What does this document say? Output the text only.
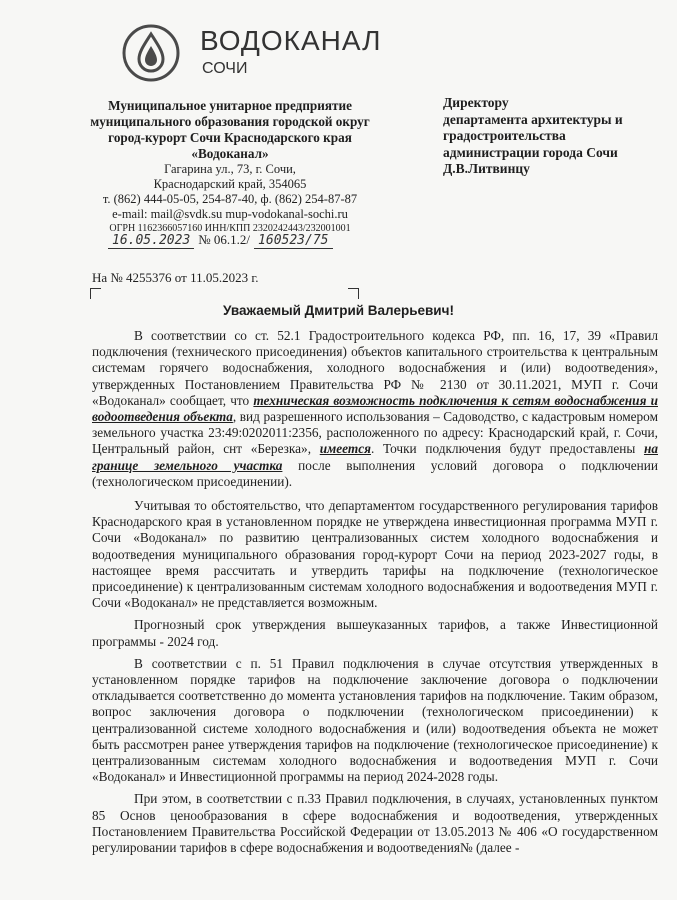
ВОДОКАНАЛ
СОЧИ
Муниципальное унитарное предприятие
муниципального образования городской округ
город-курорт Сочи Краснодарского края
«Водоканал»
Гагарина ул., 73, г. Сочи,
Краснодарский край, 354065
т. (862) 444-05-05, 254-87-40, ф. (862) 254-87-87
e-mail: mail@svdk.su mup-vodokanal-sochi.ru
ОГРН 1162366057160 ИНН/КПП 2320242443/232001001
Директору
департамента архитектуры и
градостроительства
администрации города Сочи
Д.В.Литвинцу
16.05.2023 № 06.1.2/ 160523/75
На № 4255376 от 11.05.2023 г.
Уважаемый Дмитрий Валерьевич!

В соответствии со ст. 52.1 Градостроительного кодекса РФ, пп. 16, 17, 39 «Правил подключения (технического присоединения) объектов капитального строительства к центральным системам горячего водоснабжения, холодного водоснабжения и (или) водоотведения», утвержденных Постановлением Правительства РФ № 2130 от 30.11.2021, МУП г. Сочи «Водоканал» сообщает, что техническая возможность подключения к сетям водоснабжения и водоотведения объекта, вид разрешенного использования – Садоводство, с кадастровым номером земельного участка 23:49:0202011:2356, расположенного по адресу: Краснодарский край, г. Сочи, Центральный район, снт «Березка», имеется. Точки подключения будут предоставлены на границе земельного участка после выполнения условий договора о подключении (технологическом присоединении).

Учитывая то обстоятельство, что департаментом государственного регулирования тарифов Краснодарского края в установленном порядке не утверждена инвестиционная программа МУП г. Сочи «Водоканал» по развитию централизованных систем холодного водоснабжения и водоотведения муниципального образования город-курорт Сочи на период 2023-2027 годы, в настоящее время рассчитать и утвердить тарифы на подключение (технологическое присоединение) к централизованным системам холодного водоснабжения и водоотведения МУП г. Сочи «Водоканал» не представляется возможным.

Прогнозный срок утверждения вышеуказанных тарифов, а также Инвестиционной программы - 2024 год.

В соответствии с п. 51 Правил подключения в случае отсутствия утвержденных в установленном порядке тарифов на подключение заключение договора о подключении откладывается соответственно до момента установления тарифов на подключение. Таким образом, вопрос заключения договора о подключении (технологическом присоединении) к централизованной системе холодного водоснабжения и (или) водоотведения объекта не может быть рассмотрен ранее утверждения тарифов на подключение (технологическое присоединение) к централизованным системам холодного водоснабжения и водоотведения МУП г. Сочи «Водоканал» и Инвестиционной программы на период 2024-2028 годы.

При этом, в соответствии с п.33 Правил подключения, в случаях, установленных пунктом 85 Основ ценообразования в сфере водоснабжения и водоотведения, утвержденных Постановлением Правительства Российской Федерации от 13.05.2013 № 406 «О государственном регулировании тарифов в сфере водоснабжения и водоотведения№ (далее -
